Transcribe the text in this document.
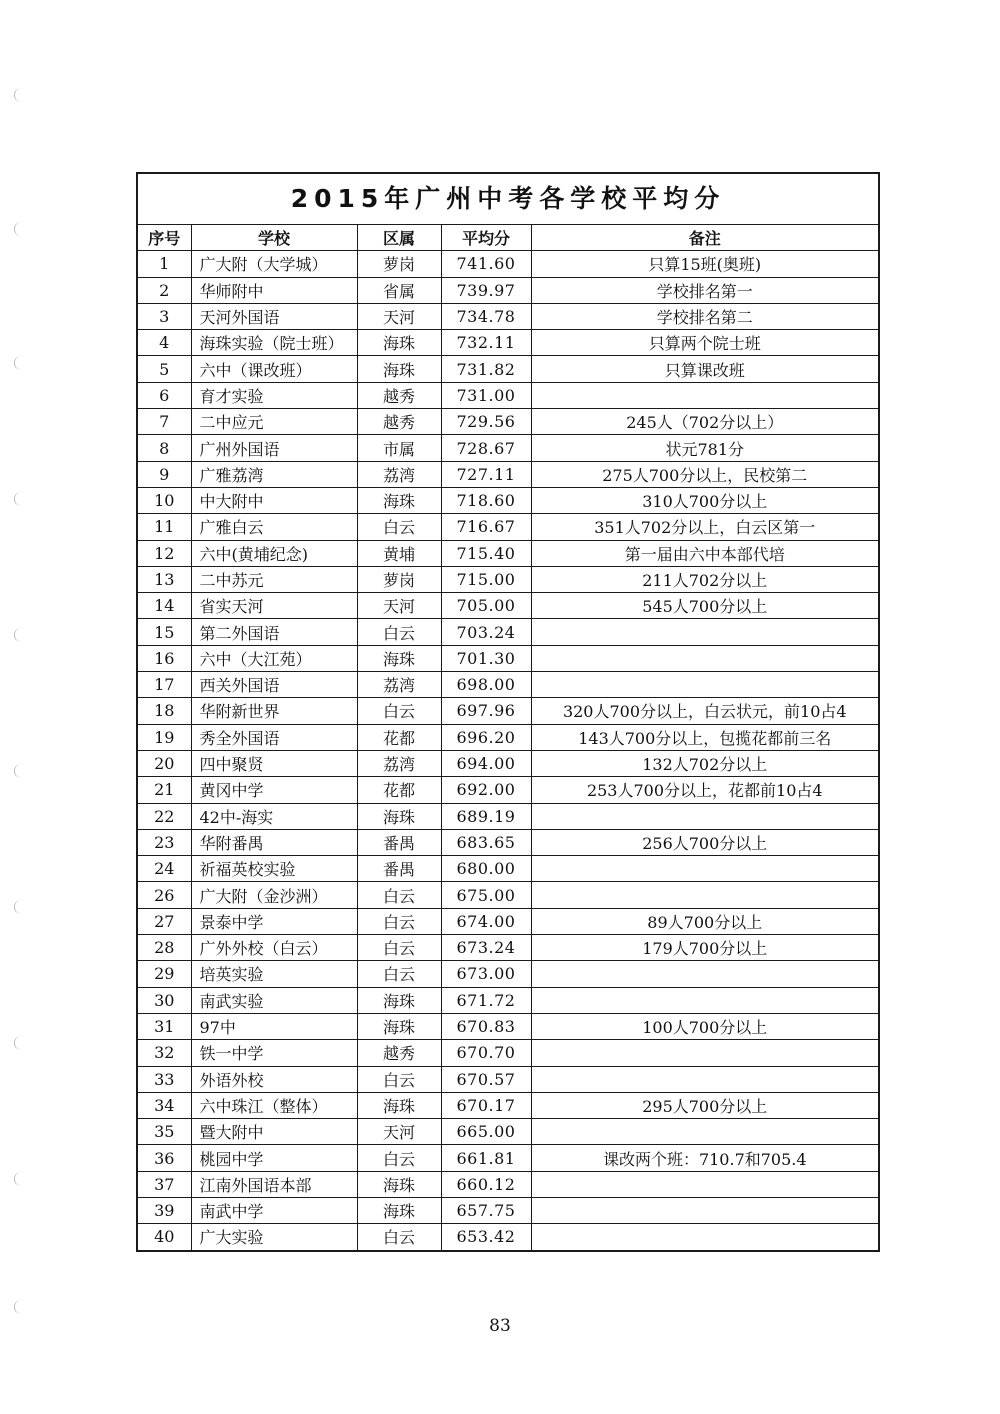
2015年广州中考各学校平均分
序号	学校	区属	平均分	备注
1	广大附（大学城）	萝岗	741.60	只算15班(奥班)
2	华师附中	省属	739.97	学校排名第一
3	天河外国语	天河	734.78	学校排名第二
4	海珠实验（院士班）	海珠	732.11	只算两个院士班
5	六中（课改班）	海珠	731.82	只算课改班
6	育才实验	越秀	731.00	
7	二中应元	越秀	729.56	245人（702分以上）
8	广州外国语	市属	728.67	状元781分
9	广雅荔湾	荔湾	727.11	275人700分以上，民校第二
10	中大附中	海珠	718.60	310人700分以上
11	广雅白云	白云	716.67	351人702分以上，白云区第一
12	六中(黄埔纪念)	黄埔	715.40	第一届由六中本部代培
13	二中苏元	萝岗	715.00	211人702分以上
14	省实天河	天河	705.00	545人700分以上
15	第二外国语	白云	703.24	
16	六中（大江苑）	海珠	701.30	
17	西关外国语	荔湾	698.00	
18	华附新世界	白云	697.96	320人700分以上，白云状元，前10占4
19	秀全外国语	花都	696.20	143人700分以上，包揽花都前三名
20	四中聚贤	荔湾	694.00	132人702分以上
21	黄冈中学	花都	692.00	253人700分以上，花都前10占4
22	42中-海实	海珠	689.19	
23	华附番禺	番禺	683.65	256人700分以上
24	祈福英校实验	番禺	680.00	
26	广大附（金沙洲）	白云	675.00	
27	景泰中学	白云	674.00	89人700分以上
28	广外外校（白云）	白云	673.24	179人700分以上
29	培英实验	白云	673.00	
30	南武实验	海珠	671.72	
31	97中	海珠	670.83	100人700分以上
32	铁一中学	越秀	670.70	
33	外语外校	白云	670.57	
34	六中珠江（整体）	海珠	670.17	295人700分以上
35	暨大附中	天河	665.00	
36	桃园中学	白云	661.81	课改两个班：710.7和705.4
37	江南外国语本部	海珠	660.12	
39	南武中学	海珠	657.75	
40	广大实验	白云	653.42	
83
